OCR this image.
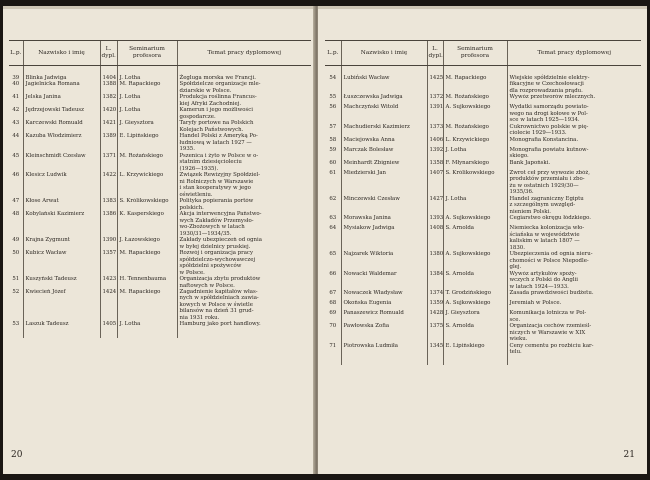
L.p.	Nazwisko i imię	L.
dypl.	Seminarium
profesora	Temat pracy dyplomowej
39	Blinka Jadwiga	1404	J. Lotha	Żegluga morska we Francji.
40	Jagielnicka Romana	1388	M. Rapackiego	Spółdzielcze organizacje mle-
dziarskie w Polsce.
41	Jelska Janina	1382	J. Lotha	Produkcja roślinna Francus-
kiej Afryki Zachodniej.
42	Jędrzejowski Tadeusz	1420	J. Lotha	Kamerun i jego możliwości
gospodarcze.
43	Karczewski Romuald	1421	J. Gieysztora	Taryfy portowe na Polskich
Kolejach Państwowych.
44	Kazuba Włodzimierz	1389	E. Lipińskiego	Handel Polski z Ameryką Po-
łudniową w latach 1927 —
1935.
45	Kleinschmidt Czesław	1371	M. Rożańskiego	Pszenica i żyto w Polsce w o-
statnim dziesięcioleciu
(1926—1935).
46	Klesicz Ludwik	1422	L. Krzywickiego	Związek Rewizyjny Spółdziel-
ni Rolniczych w Warszawie
i stan kooperatywy w jego
oświetleniu.
47	Kłose Arwat	1383	S. Królikowskiego	Polityka popierania portów
polskich.
48	Kobylański Kazimierz	1386	K. Kasperskiego	Akcja interwencyjna Państwo-
wych Zakładów Przemysło-
wo-Zbożowych w latach
1930/31—1934/35.
49	Krajna Zygmunt	1390	J. Łazowskiego	Zakłady ubezpieczeń od ognia
w byłej dzielnicy pruskiej.
50	Kubicz Wacław	1357	M. Rapackiego	Rozwój i organizacja pracy
spółdzielczo-wychowawczej
spółdzielni spożywców
w Polsce.
51	Kuszyński Tadeusz	1423	H. Tennenbauma	Organizacja zbytu produktów
naftowych w Polsce.
52	Kwiecień Józef	1424	M. Rapackiego	Zagadnienie kapitałów włas-
nych w spółdzielniach zawia-
kowych w Polsce w świetle
bilansów na dzień 31 grud-
nia 1931 roku.
53	Laszuk Tadeusz	1405	J. Lotha	Hamburg jako port handlowy.
20
L.p.	Nazwisko i imię	L.
dypl.	Seminarium
profesora	Temat pracy dyplomowej
54	Lubiński Wacław	1425	M. Rapackiego	Wiejskie spółdzielnie elektry-
fikacyjne w Czechosłowacji
dla rozprowadzania prądu.
55	Łuszczewska Jadwiga	1372	M. Rożańskiego	Wywóz przetworów mlecznych.
56	Machczyński Witold	1391	A. Sujkowskiego	Wydatki samorządu powiato-
wego na drogi kołowe w Pol-
sce w latach 1925—1934.
57	Machudierski Kazimierz	1373	M. Rożańskiego	Cukrownictwo polskie w pię-
ciolecie 1929—1933.
58	Maciejowska Anna	1406	L. Krzywickiego	Monografia Konstancina.
59	Marczak Bolesław	1392	J. Lotha	Monografia powiatu kutnow-
skiego.
60	Meinhardt Zbigniew	1358	F. Młynarskiego	Bank Japoński.
61	Miedzierski Jan	1407	S. Królikowskiego	Zwrot ceł przy wywozie zbóż,
produktów przemiału i zbo-
żu w ostatnich 1929/30—
1935/36.
62	Minczewski Czesław	1427	J. Lotha	Handel zagraniczny Egiptu
z szczególnym uwzględ-
nieniem Polski.
63	Morawska Janina	1393	A. Sujkowskiego	Cegiarstwo okręgu łódzkiego.
64	Mysiakow Jadwiga	1408	S. Arnolda	Niemiecka kolonizacja wło-
ściańska w województwie
kaliskim w latach 1807 —
1830.
65	Najzarek Wiktoria	1380	A. Sujkowskiego	Ubezpieczenia od ognia nieru-
chomości w Polsce Niepodle-
glej.
66	Nowacki Waldemar	1384	S. Arnolda	Wywóz artykułów spoży-
wczych z Polski do Anglii
w latach 1924—1933.
67	Nowaczek Władysław	1374	T. Grodzińskiego	Zasada prawdziwości budżetu.
68	Okońska Eugenia	1359	A. Sujkowskiego	Jeremiah w Polsce.
69	Panaszewicz Romuald	1428	J. Gieysztora	Komunikacja lotnicza w Pol-
sce.
70	Pawłowska Zofia	1375	S. Arnolda	Organizacja cechów rzemieśl-
niczych w Warszawie w XIX
wieku.
71	Piotrowska Ludmiła	1345	E. Lipińskiego	Ceny cementu po rozbiciu kar-
telu.
21
